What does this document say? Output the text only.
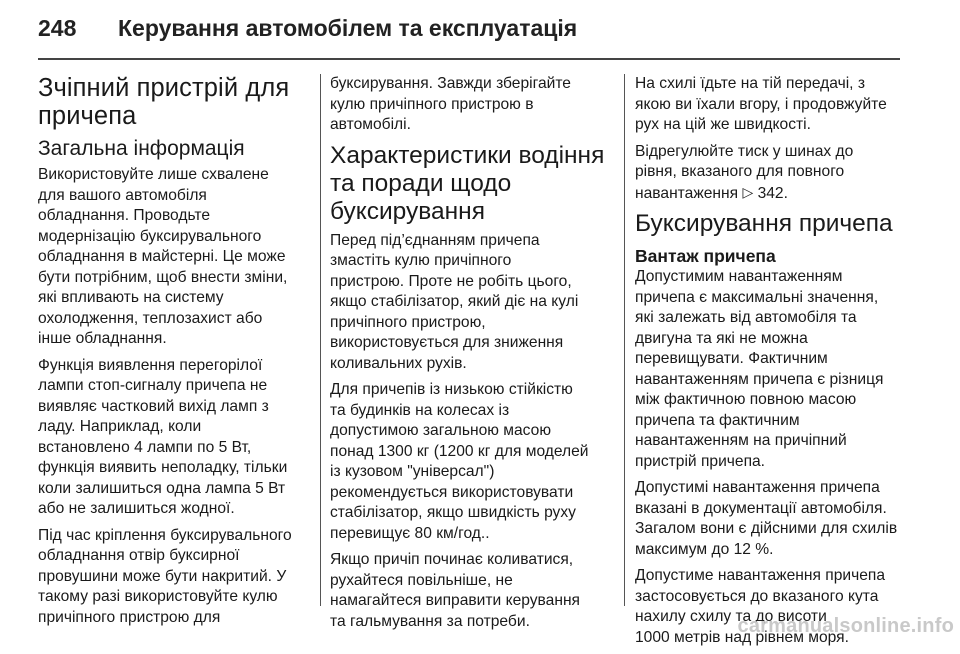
248	Керування автомобілем та експлуатація
Зчіпний пристрій для
причепа
Загальна інформація

Використовуйте лише схвалене
для вашого автомобіля
обладнання. Проводьте
модернізацію буксирувального
обладнання в майстерні. Це може
бути потрібним, щоб внести зміни,
які впливають на систему
охолодження, теплозахист або
інше обладнання.

Функція виявлення перегорілої
лампи стоп-сигналу причепа не
виявляє частковий вихід ламп з
ладу. Наприклад, коли
встановлено 4 лампи по 5 Вт,
функція виявить неполадку, тільки
коли залишиться одна лампа 5 Вт
або не залишиться жодної.

Під час кріплення буксирувального
обладнання отвір буксирної
провушини може бути накритий. У
такому разі використовуйте кулю
причіпного пристрою для

буксирування. Завжди зберігайте
кулю причіпного пристрою в
автомобілі.

Характеристики водіння
та поради щодо
буксирування

Перед під’єднанням причепа
змастіть кулю причіпного
пристрою. Проте не робіть цього,
якщо стабілізатор, який діє на кулі
причіпного пристрою,
використовується для зниження
коливальних рухів.

Для причепів із низькою стійкістю
та будинків на колесах із
допустимою загальною масою
понад 1300 кг (1200 кг для моделей
із кузовом "універсал")
рекомендується використовувати
стабілізатор, якщо швидкість руху
перевищує 80 км/год..

Якщо причіп починає коливатися,
рухайтеся повільніше, не
намагайтеся виправити керування
та гальмування за потреби.

На схилі їдьте на тій передачі, з
якою ви їхали вгору, і продовжуйте
рух на цій же швидкості.

Відрегулюйте тиск у шинах до
рівня, вказаного для повного
навантаження ▷ 342.

Буксирування причепа
Вантаж причепа

Допустимим навантаженням
причепа є максимальні значення,
які залежать від автомобіля та
двигуна та які не можна
перевищувати. Фактичним
навантаженням причепа є різниця
між фактичною повною масою
причепа та фактичним
навантаженням на причіпний
пристрій причепа.

Допустимі навантаження причепа
вказані в документації автомобіля.
Загалом вони є дійсними для схилів
максимум до 12 %.

Допустиме навантаження причепа
застосовується до вказаного кута
нахилу схилу та до висоти
1000 метрів над рівнем моря.

carmanualsonline.info
